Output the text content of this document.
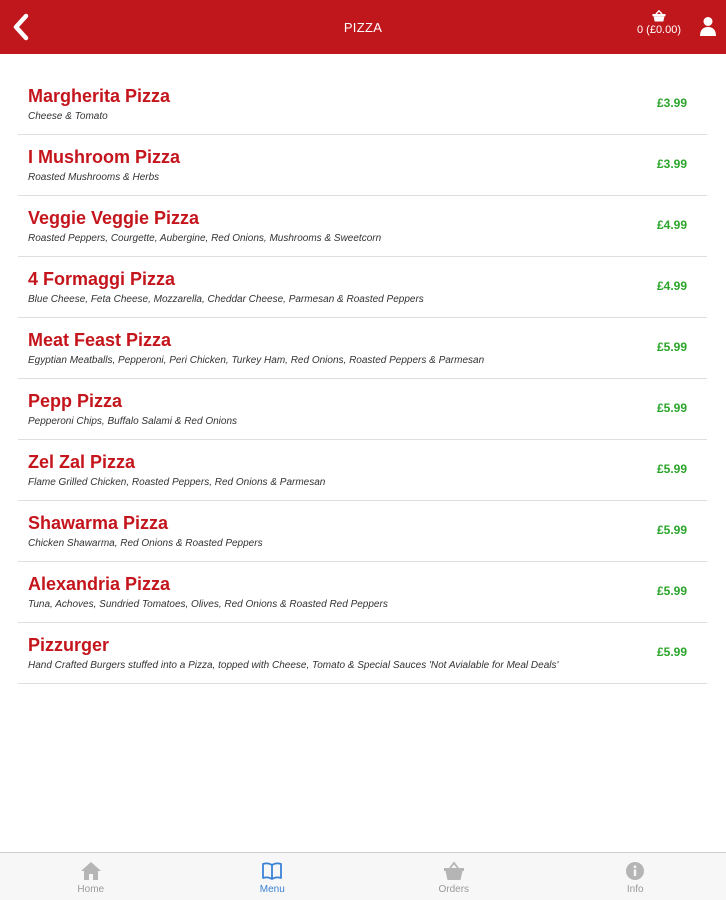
PIZZA	0 (£0.00)
Margherita Pizza
Cheese & Tomato
£3.99
I Mushroom Pizza
Roasted Mushrooms & Herbs
£3.99
Veggie Veggie Pizza
Roasted Peppers, Courgette, Aubergine, Red Onions, Mushrooms & Sweetcorn
£4.99
4 Formaggi Pizza
Blue Cheese, Feta Cheese, Mozzarella, Cheddar Cheese, Parmesan & Roasted Peppers
£4.99
Meat Feast Pizza
Egyptian Meatballs, Pepperoni, Peri Chicken, Turkey Ham, Red Onions, Roasted Peppers & Parmesan
£5.99
Pepp Pizza
Pepperoni Chips, Buffalo Salami & Red Onions
£5.99
Zel Zal Pizza
Flame Grilled Chicken, Roasted Peppers, Red Onions & Parmesan
£5.99
Shawarma Pizza
Chicken Shawarma, Red Onions & Roasted Peppers
£5.99
Alexandria Pizza
Tuna, Achoves, Sundried Tomatoes, Olives, Red Onions & Roasted Red Peppers
£5.99
Pizzurger
Hand Crafted Burgers stuffed into a Pizza, topped with Cheese, Tomato & Special Sauces 'Not Avialable for Meal Deals'
£5.99
Home	Menu	Orders	Info
